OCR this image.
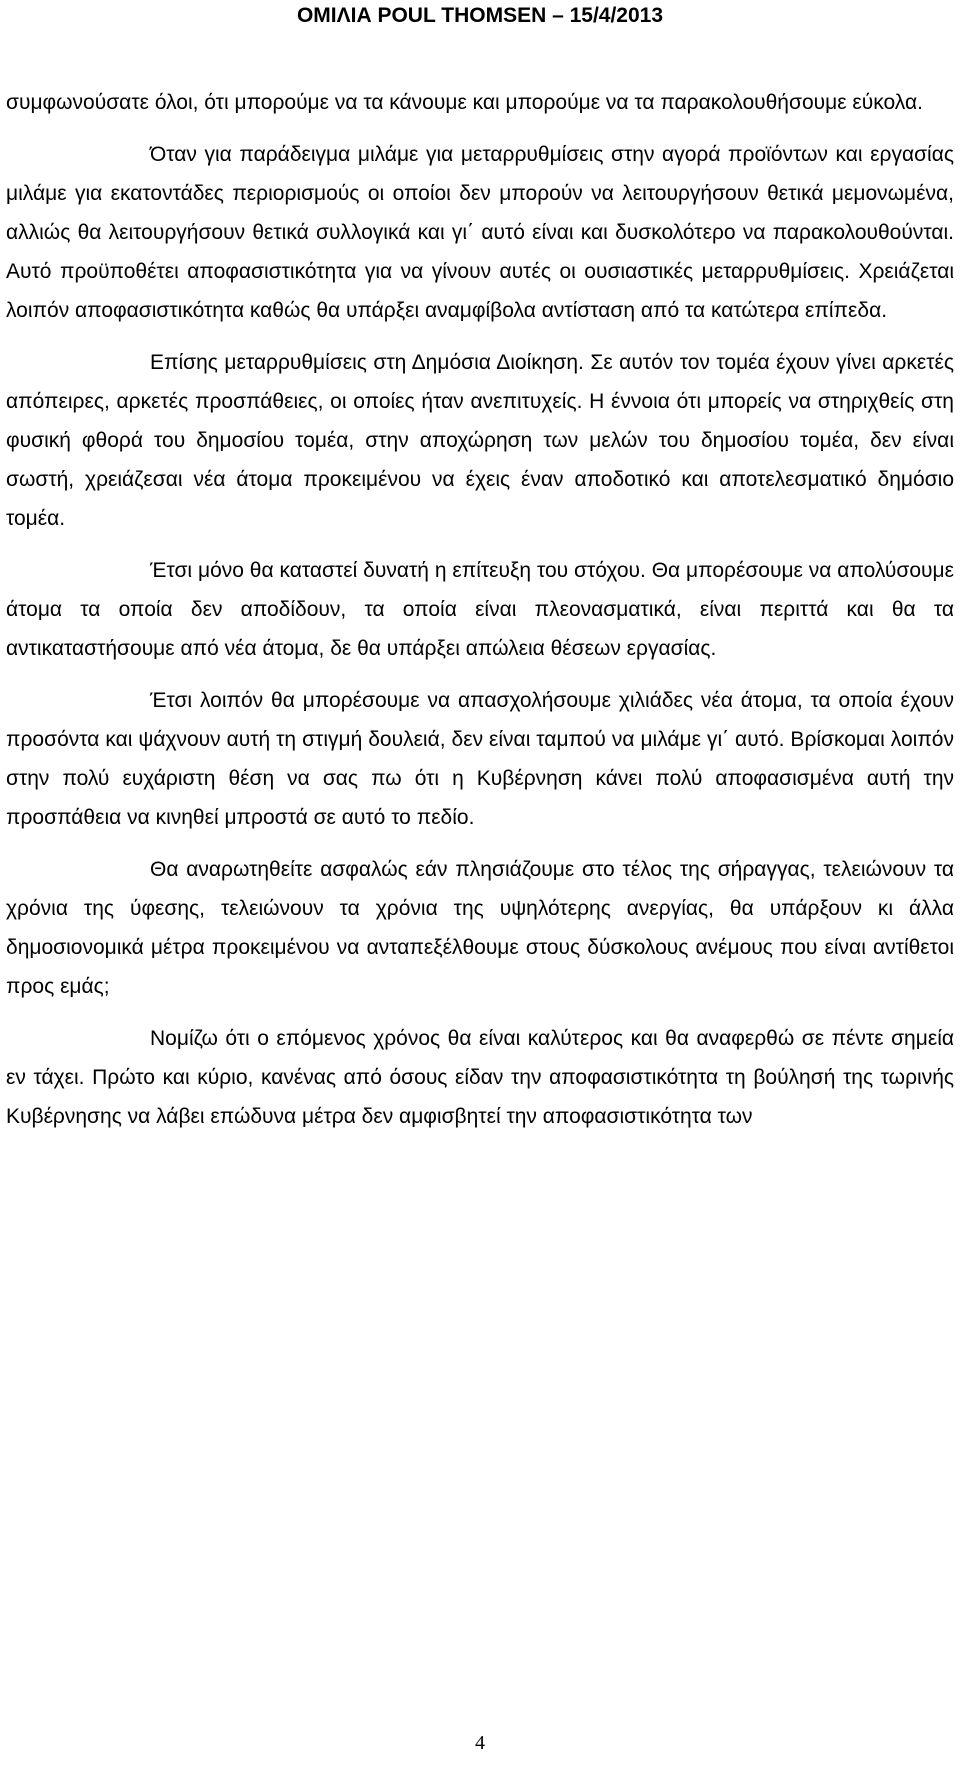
ΟΜΙΛΙΑ POUL THOMSEN – 15/4/2013

συμφωνούσατε όλοι, ότι μπορούμε να τα κάνουμε και μπορούμε να τα παρακολουθήσουμε εύκολα.

Όταν για παράδειγμα μιλάμε για μεταρρυθμίσεις στην αγορά προϊόντων και εργασίας μιλάμε για εκατοντάδες περιορισμούς οι οποίοι δεν μπορούν να λειτουργήσουν θετικά μεμονωμένα, αλλιώς θα λειτουργήσουν θετικά συλλογικά και γι΄ αυτό είναι και δυσκολότερο να παρακολουθούνται. Αυτό προϋποθέτει αποφασιστικότητα για να γίνουν αυτές οι ουσιαστικές μεταρρυθμίσεις. Χρειάζεται λοιπόν αποφασιστικότητα καθώς θα υπάρξει αναμφίβολα αντίσταση από τα κατώτερα επίπεδα.

Επίσης μεταρρυθμίσεις στη Δημόσια Διοίκηση. Σε αυτόν τον τομέα έχουν γίνει αρκετές απόπειρες, αρκετές προσπάθειες, οι οποίες ήταν ανεπιτυχείς. Η έννοια ότι μπορείς να στηριχθείς στη φυσική φθορά του δημοσίου τομέα, στην αποχώρηση των μελών του δημοσίου τομέα, δεν είναι σωστή, χρειάζεσαι νέα άτομα προκειμένου να έχεις έναν αποδοτικό και αποτελεσματικό δημόσιο τομέα.

Έτσι μόνο θα καταστεί δυνατή η επίτευξη του στόχου. Θα μπορέσουμε να απολύσουμε άτομα τα οποία δεν αποδίδουν, τα οποία είναι πλεονασματικά, είναι περιττά και θα τα αντικαταστήσουμε από νέα άτομα, δε θα υπάρξει απώλεια θέσεων εργασίας.

Έτσι λοιπόν θα μπορέσουμε να απασχολήσουμε χιλιάδες νέα άτομα, τα οποία έχουν προσόντα και ψάχνουν αυτή τη στιγμή δουλειά, δεν είναι ταμπού να μιλάμε γι΄ αυτό. Βρίσκομαι λοιπόν στην πολύ ευχάριστη θέση να σας πω ότι η Κυβέρνηση κάνει πολύ αποφασισμένα αυτή την προσπάθεια να κινηθεί μπροστά σε αυτό το πεδίο.

Θα αναρωτηθείτε ασφαλώς εάν πλησιάζουμε στο τέλος της σήραγγας, τελειώνουν τα χρόνια της ύφεσης, τελειώνουν τα χρόνια της υψηλότερης ανεργίας, θα υπάρξουν κι άλλα δημοσιονομικά μέτρα προκειμένου να ανταπεξέλθουμε στους δύσκολους ανέμους που είναι αντίθετοι προς εμάς;

Νομίζω ότι ο επόμενος χρόνος θα είναι καλύτερος και θα αναφερθώ σε πέντε σημεία εν τάχει. Πρώτο και κύριο, κανένας από όσους είδαν την αποφασιστικότητα τη βούλησή της τωρινής Κυβέρνησης να λάβει επώδυνα μέτρα δεν αμφισβητεί την αποφασιστικότητα των

4
